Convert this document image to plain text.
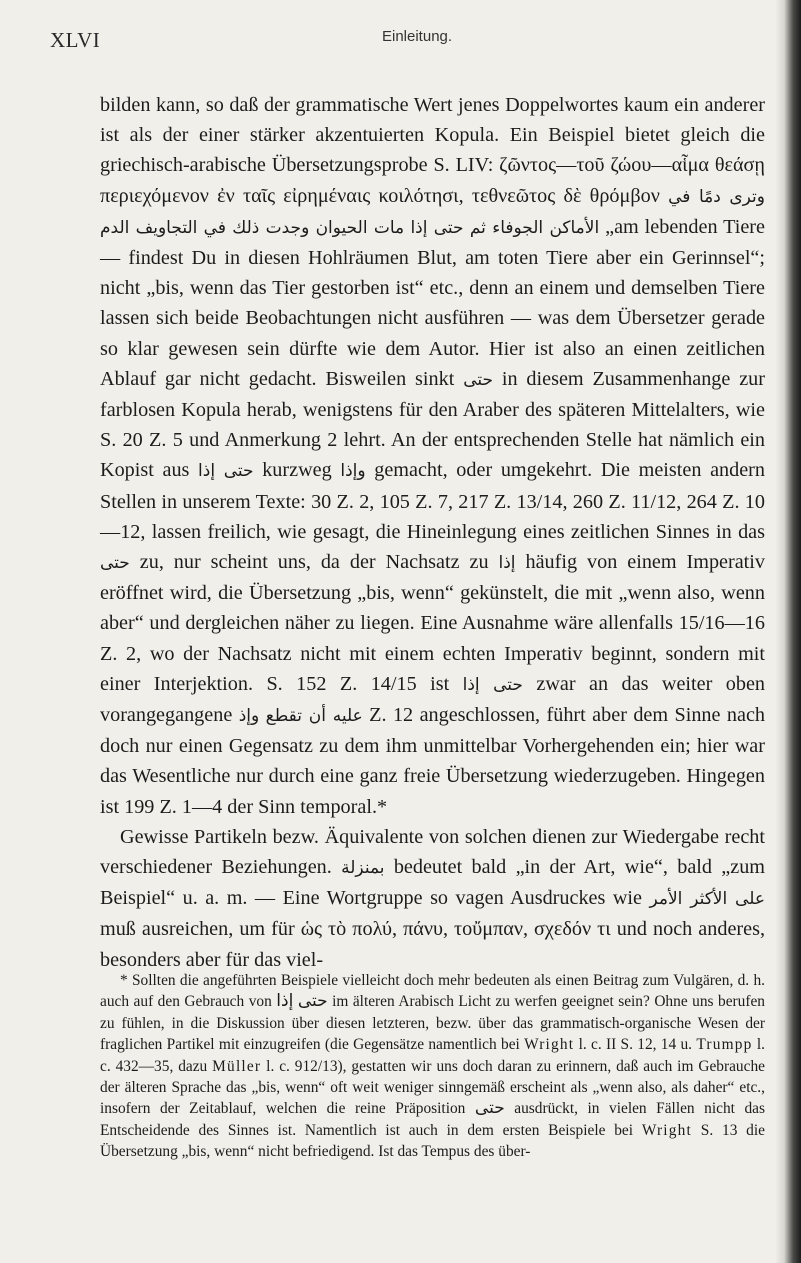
XLVI	Einleitung.

bilden kann, so daß der grammatische Wert jenes Doppelwortes kaum ein anderer ist als der einer stärker akzentuierten Kopula. Ein Beispiel bietet gleich die griechisch-arabische Übersetzungsprobe S. LIV: ζῶντος—τοῦ ζώου—αἷμα θεάσῃ περιεχόμενον ἐν ταῖς εἰρημέναις κοιλότησι, τεθνεῶτος δὲ θρόμβον وترى دمًا في الأماكن الجوفاء ثم حتى إذا مات الحيوان وجدت ذلك في التجاويف الدم „am lebenden Tiere — findest Du in diesen Hohlräumen Blut, am toten Tiere aber ein Gerinnsel“; nicht „bis, wenn das Tier gestorben ist“ etc., denn an einem und demselben Tiere lassen sich beide Beobachtungen nicht ausführen — was dem Übersetzer gerade so klar gewesen sein dürfte wie dem Autor. Hier ist also an einen zeitlichen Ablauf gar nicht gedacht. Bisweilen sinkt حتى in diesem Zusammenhange zur farblosen Kopula herab, wenigstens für den Araber des späteren Mittelalters, wie S. 20 Z. 5 und Anmerkung 2 lehrt. An der entsprechenden Stelle hat nämlich ein Kopist aus إذا حتى kurzweg وإذا gemacht, oder umgekehrt. Die meisten andern Stellen in unserem Texte: 30 Z. 2, 105 Z. 7, 217 Z. 13/14, 260 Z. 11/12, 264 Z. 10—12, lassen freilich, wie gesagt, die Hineinlegung eines zeitlichen Sinnes in das حتى zu, nur scheint uns, da der Nachsatz zu إذا häufig von einem Imperativ eröffnet wird, die Übersetzung „bis, wenn“ gekünstelt, die mit „wenn also, wenn aber“ und dergleichen näher zu liegen. Eine Ausnahme wäre allenfalls 15/16—16 Z. 2, wo der Nachsatz nicht mit einem echten Imperativ beginnt, sondern mit einer Interjektion. S. 152 Z. 14/15 ist إذا حتى zwar an das weiter oben vorangegangene وإذ عليه أن تقطع Z. 12 angeschlossen, führt aber dem Sinne nach doch nur einen Gegensatz zu dem ihm unmittelbar Vorhergehenden ein; hier war das Wesentliche nur durch eine ganz freie Übersetzung wiederzugeben. Hingegen ist 199 Z. 1—4 der Sinn temporal.*

Gewisse Partikeln bezw. Äquivalente von solchen dienen zur Wiedergabe recht verschiedener Beziehungen. بمنزلة bedeutet bald „in der Art, wie“, bald „zum Beispiel“ u. a. m. — Eine Wortgruppe so vagen Ausdruckes wie على الأكثر الأمر muß ausreichen, um für ὡς τὸ πολύ, πάνυ, τοὔμπαν, σχεδόν τι und noch anderes, besonders aber für das viel-

* Sollten die angeführten Beispiele vielleicht doch mehr bedeuten als einen Beitrag zum Vulgären, d. h. auch auf den Gebrauch von إذا حتى im älteren Arabisch Licht zu werfen geeignet sein? Ohne uns berufen zu fühlen, in die Diskussion über diesen letzteren, bezw. über das grammatisch-organische Wesen der fraglichen Partikel mit einzugreifen (die Gegensätze namentlich bei Wright l. c. II S. 12, 14 u. Trumpp l. c. 432—35, dazu Müller l. c. 912/13), gestatten wir uns doch daran zu erinnern, daß auch im Gebrauche der älteren Sprache das „bis, wenn“ oft weit weniger sinngemäß erscheint als „wenn also, als daher“ etc., insofern der Zeitablauf, welchen die reine Präposition حتى ausdrückt, in vielen Fällen nicht das Entscheidende des Sinnes ist. Namentlich ist auch in dem ersten Beispiele bei Wright S. 13 die Übersetzung „bis, wenn“ nicht befriedigend. Ist das Tempus des über-
